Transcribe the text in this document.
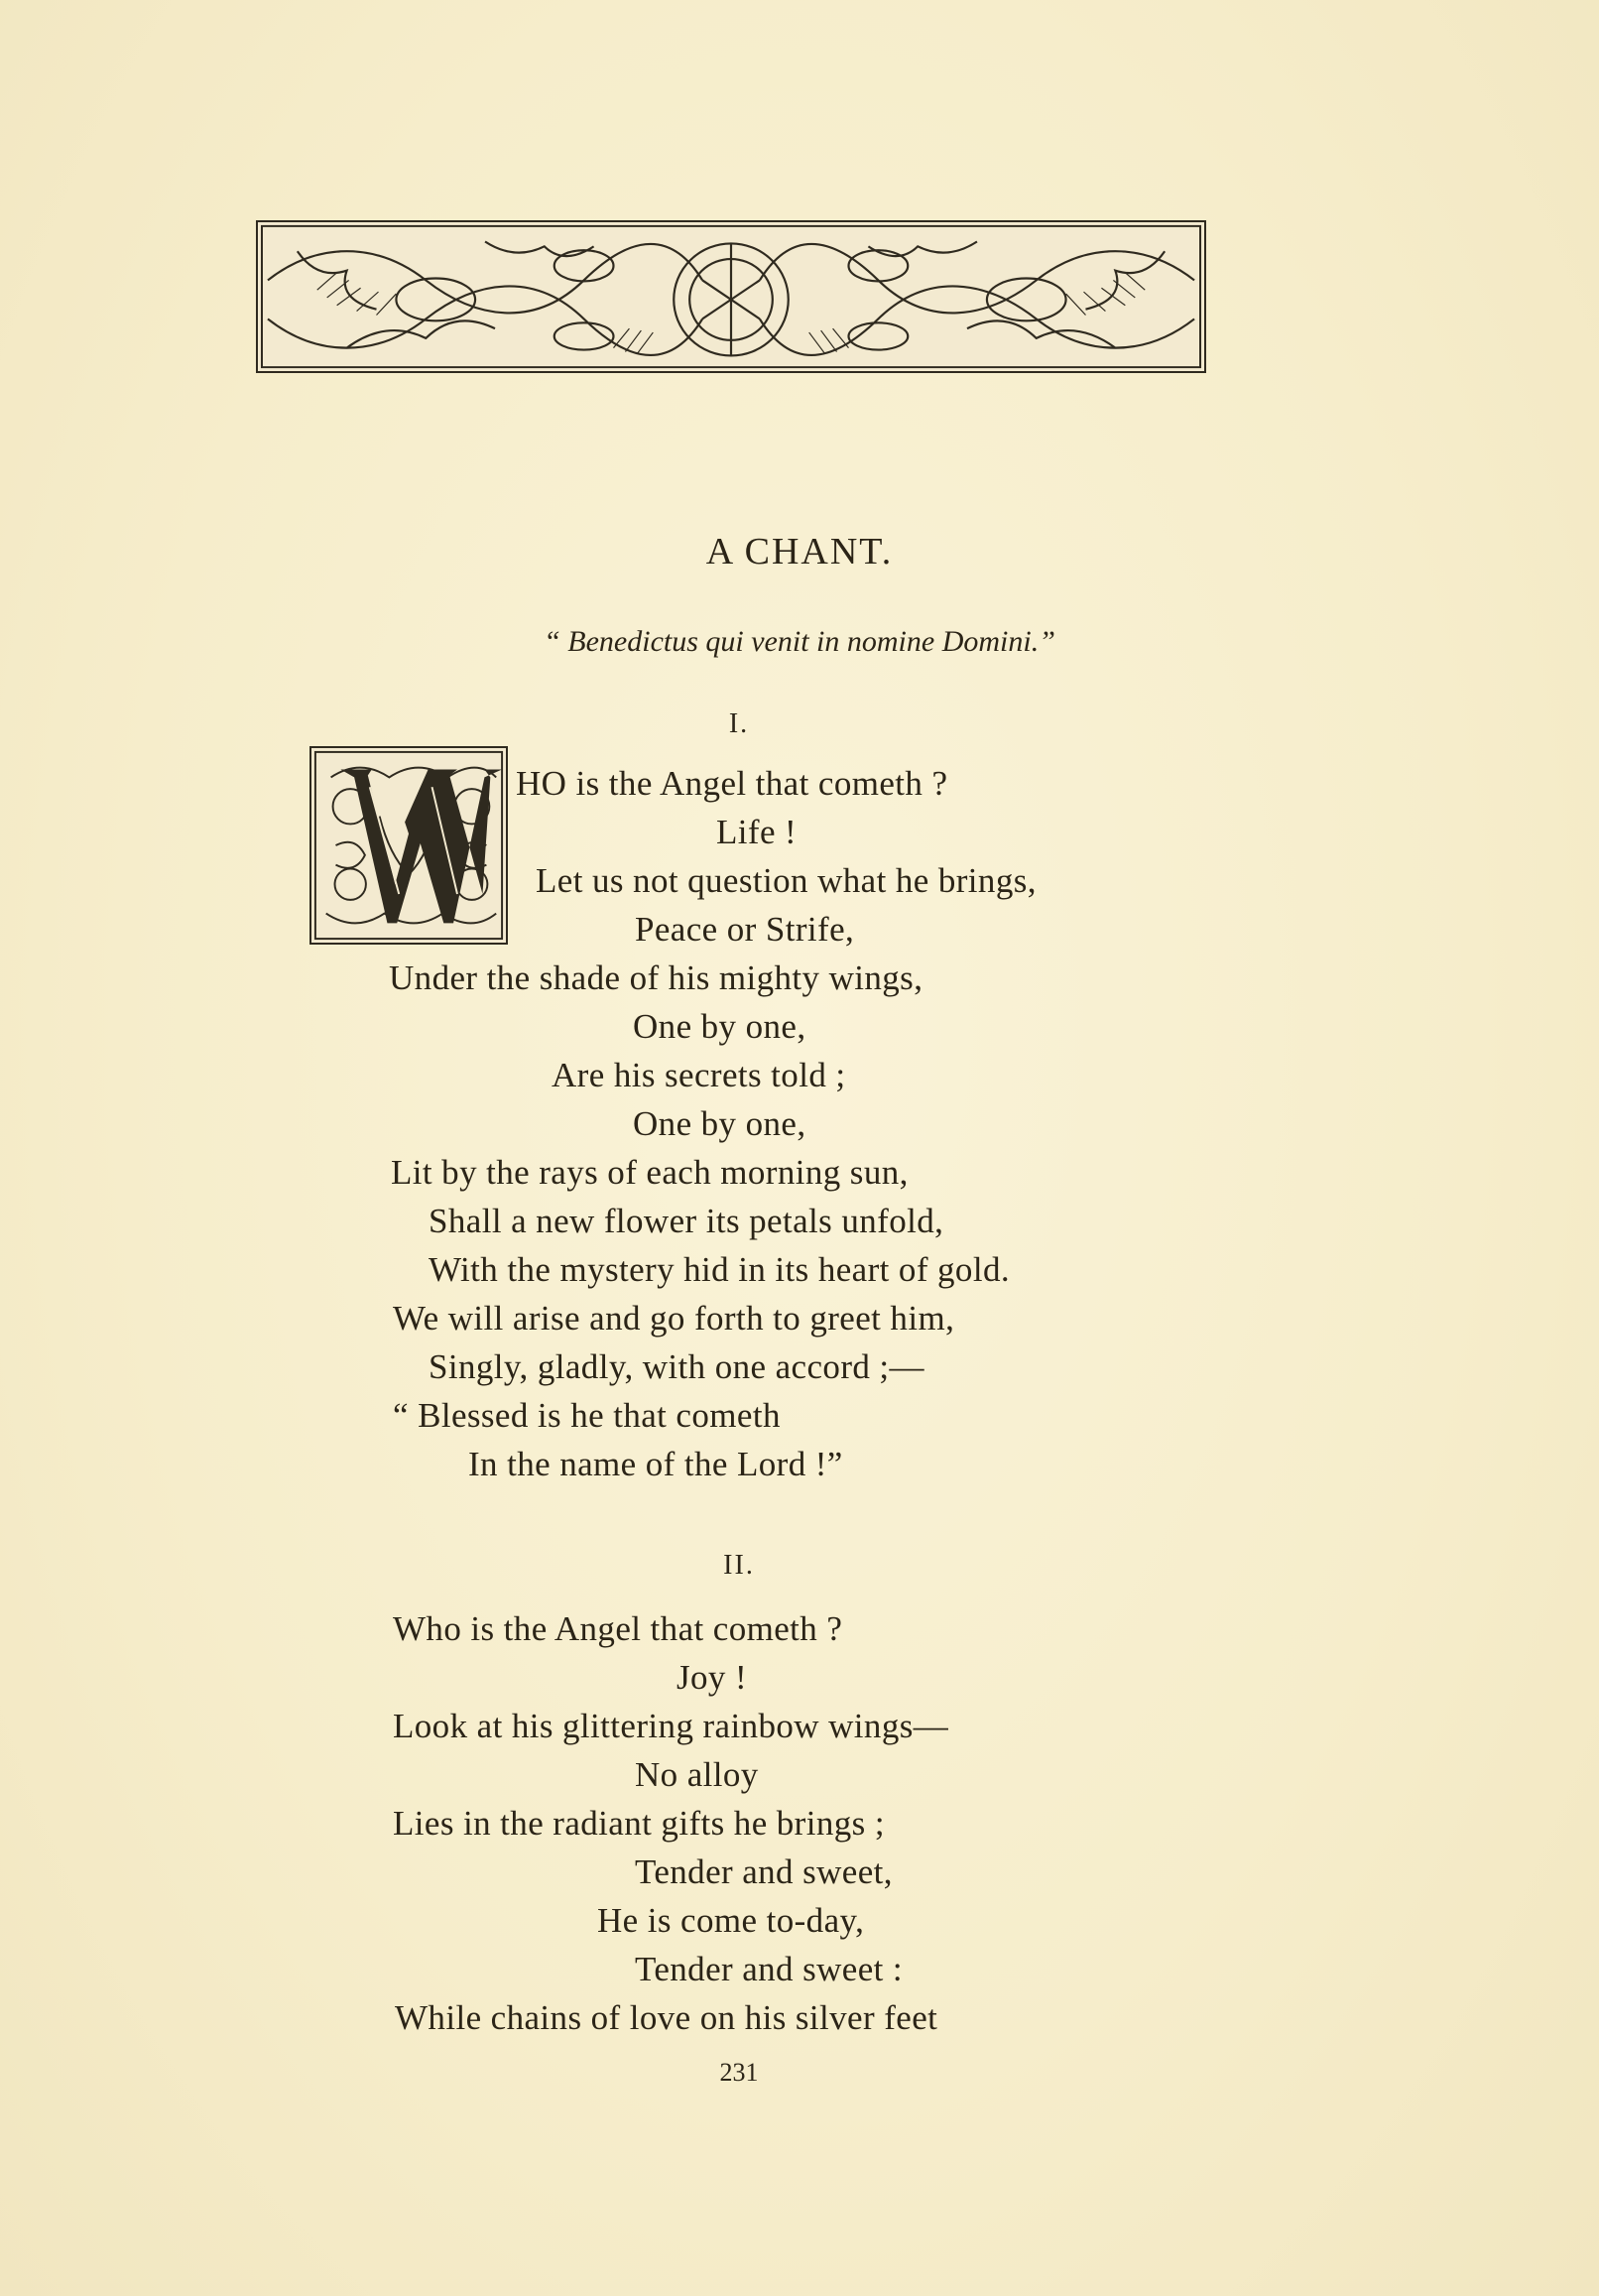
A CHANT.
“ Benedictus qui venit in nomine Domini.”
I.
HO is the Angel that cometh ?
Life !
Let us not question what he brings,
Peace or Strife,
Under the shade of his mighty wings,
One by one,
Are his secrets told ;
One by one,
Lit by the rays of each morning sun,
Shall a new flower its petals unfold,
With the mystery hid in its heart of gold.
We will arise and go forth to greet him,
Singly, gladly, with one accord ;—
“ Blessed is he that cometh
In the name of the Lord !”
II.
Who is the Angel that cometh ?
Joy !
Look at his glittering rainbow wings—
No alloy
Lies in the radiant gifts he brings ;
Tender and sweet,
He is come to-day,
Tender and sweet :
While chains of love on his silver feet
231
